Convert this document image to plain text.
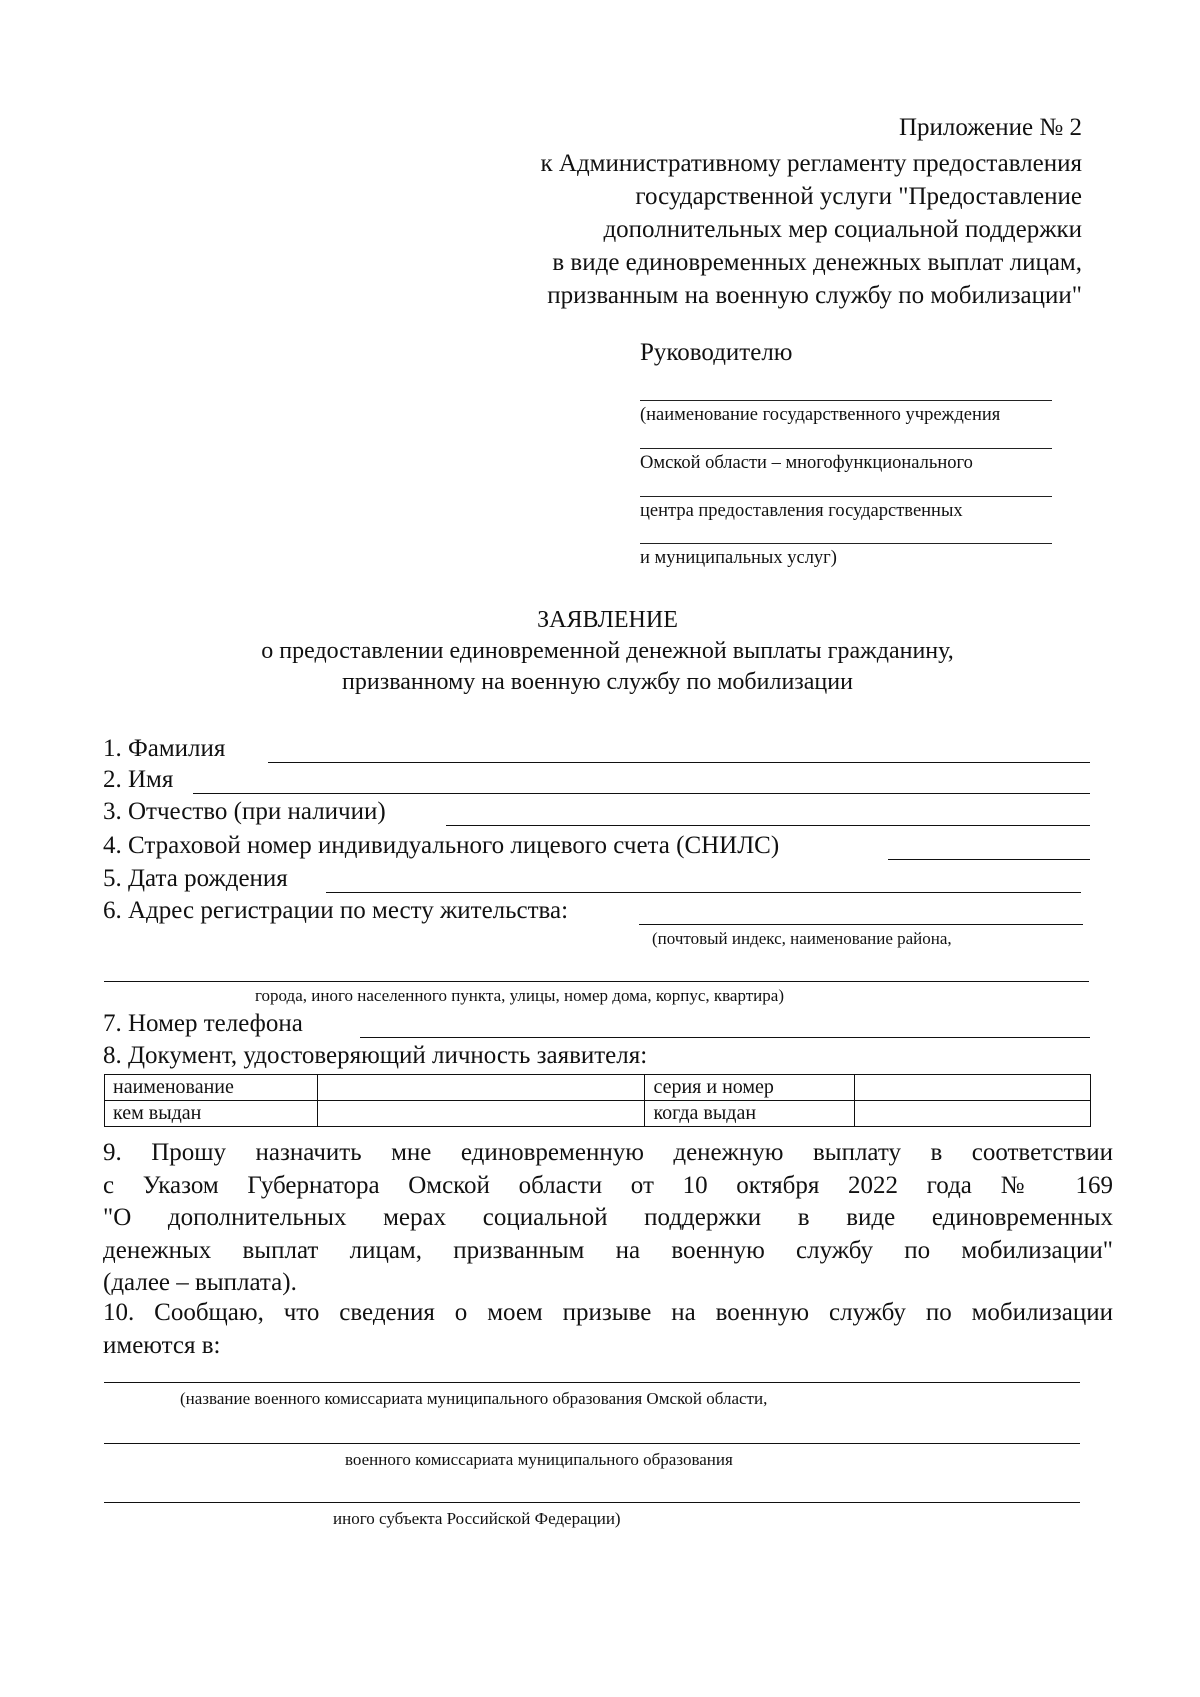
Приложение № 2
к Административному регламенту предоставления
государственной услуги "Предоставление
дополнительных мер социальной поддержки
в виде единовременных денежных выплат лицам,
призванным на военную службу по мобилизации"
Руководителю
(наименование государственного учреждения
Омской области – многофункционального
центра предоставления государственных
и муниципальных услуг)
ЗАЯВЛЕНИЕ
о предоставлении единовременной денежной выплаты гражданину,
призванному на военную службу по мобилизации
1. Фамилия
2. Имя
3. Отчество (при наличии)
4. Страховой номер индивидуального лицевого счета (СНИЛС)
5. Дата рождения
6. Адрес регистрации по месту жительства:
(почтовый индекс, наименование района,
города, иного населенного пункта, улицы, номер дома, корпус, квартира)
7. Номер телефона
8. Документ, удостоверяющий личность заявителя:
наименование		серия и номер	
кем выдан		когда выдан	
9. Прошу назначить мне единовременную денежную выплату в соответствии
с Указом Губернатора Омской области от 10 октября 2022 года № 169
"О дополнительных мерах социальной поддержки в виде единовременных
денежных выплат лицам, призванным на военную службу по мобилизации"
(далее – выплата).
10. Сообщаю, что сведения о моем призыве на военную службу по мобилизации
имеются в:
(название военного комиссариата муниципального образования Омской области,
военного комиссариата муниципального образования
иного субъекта Российской Федерации)
